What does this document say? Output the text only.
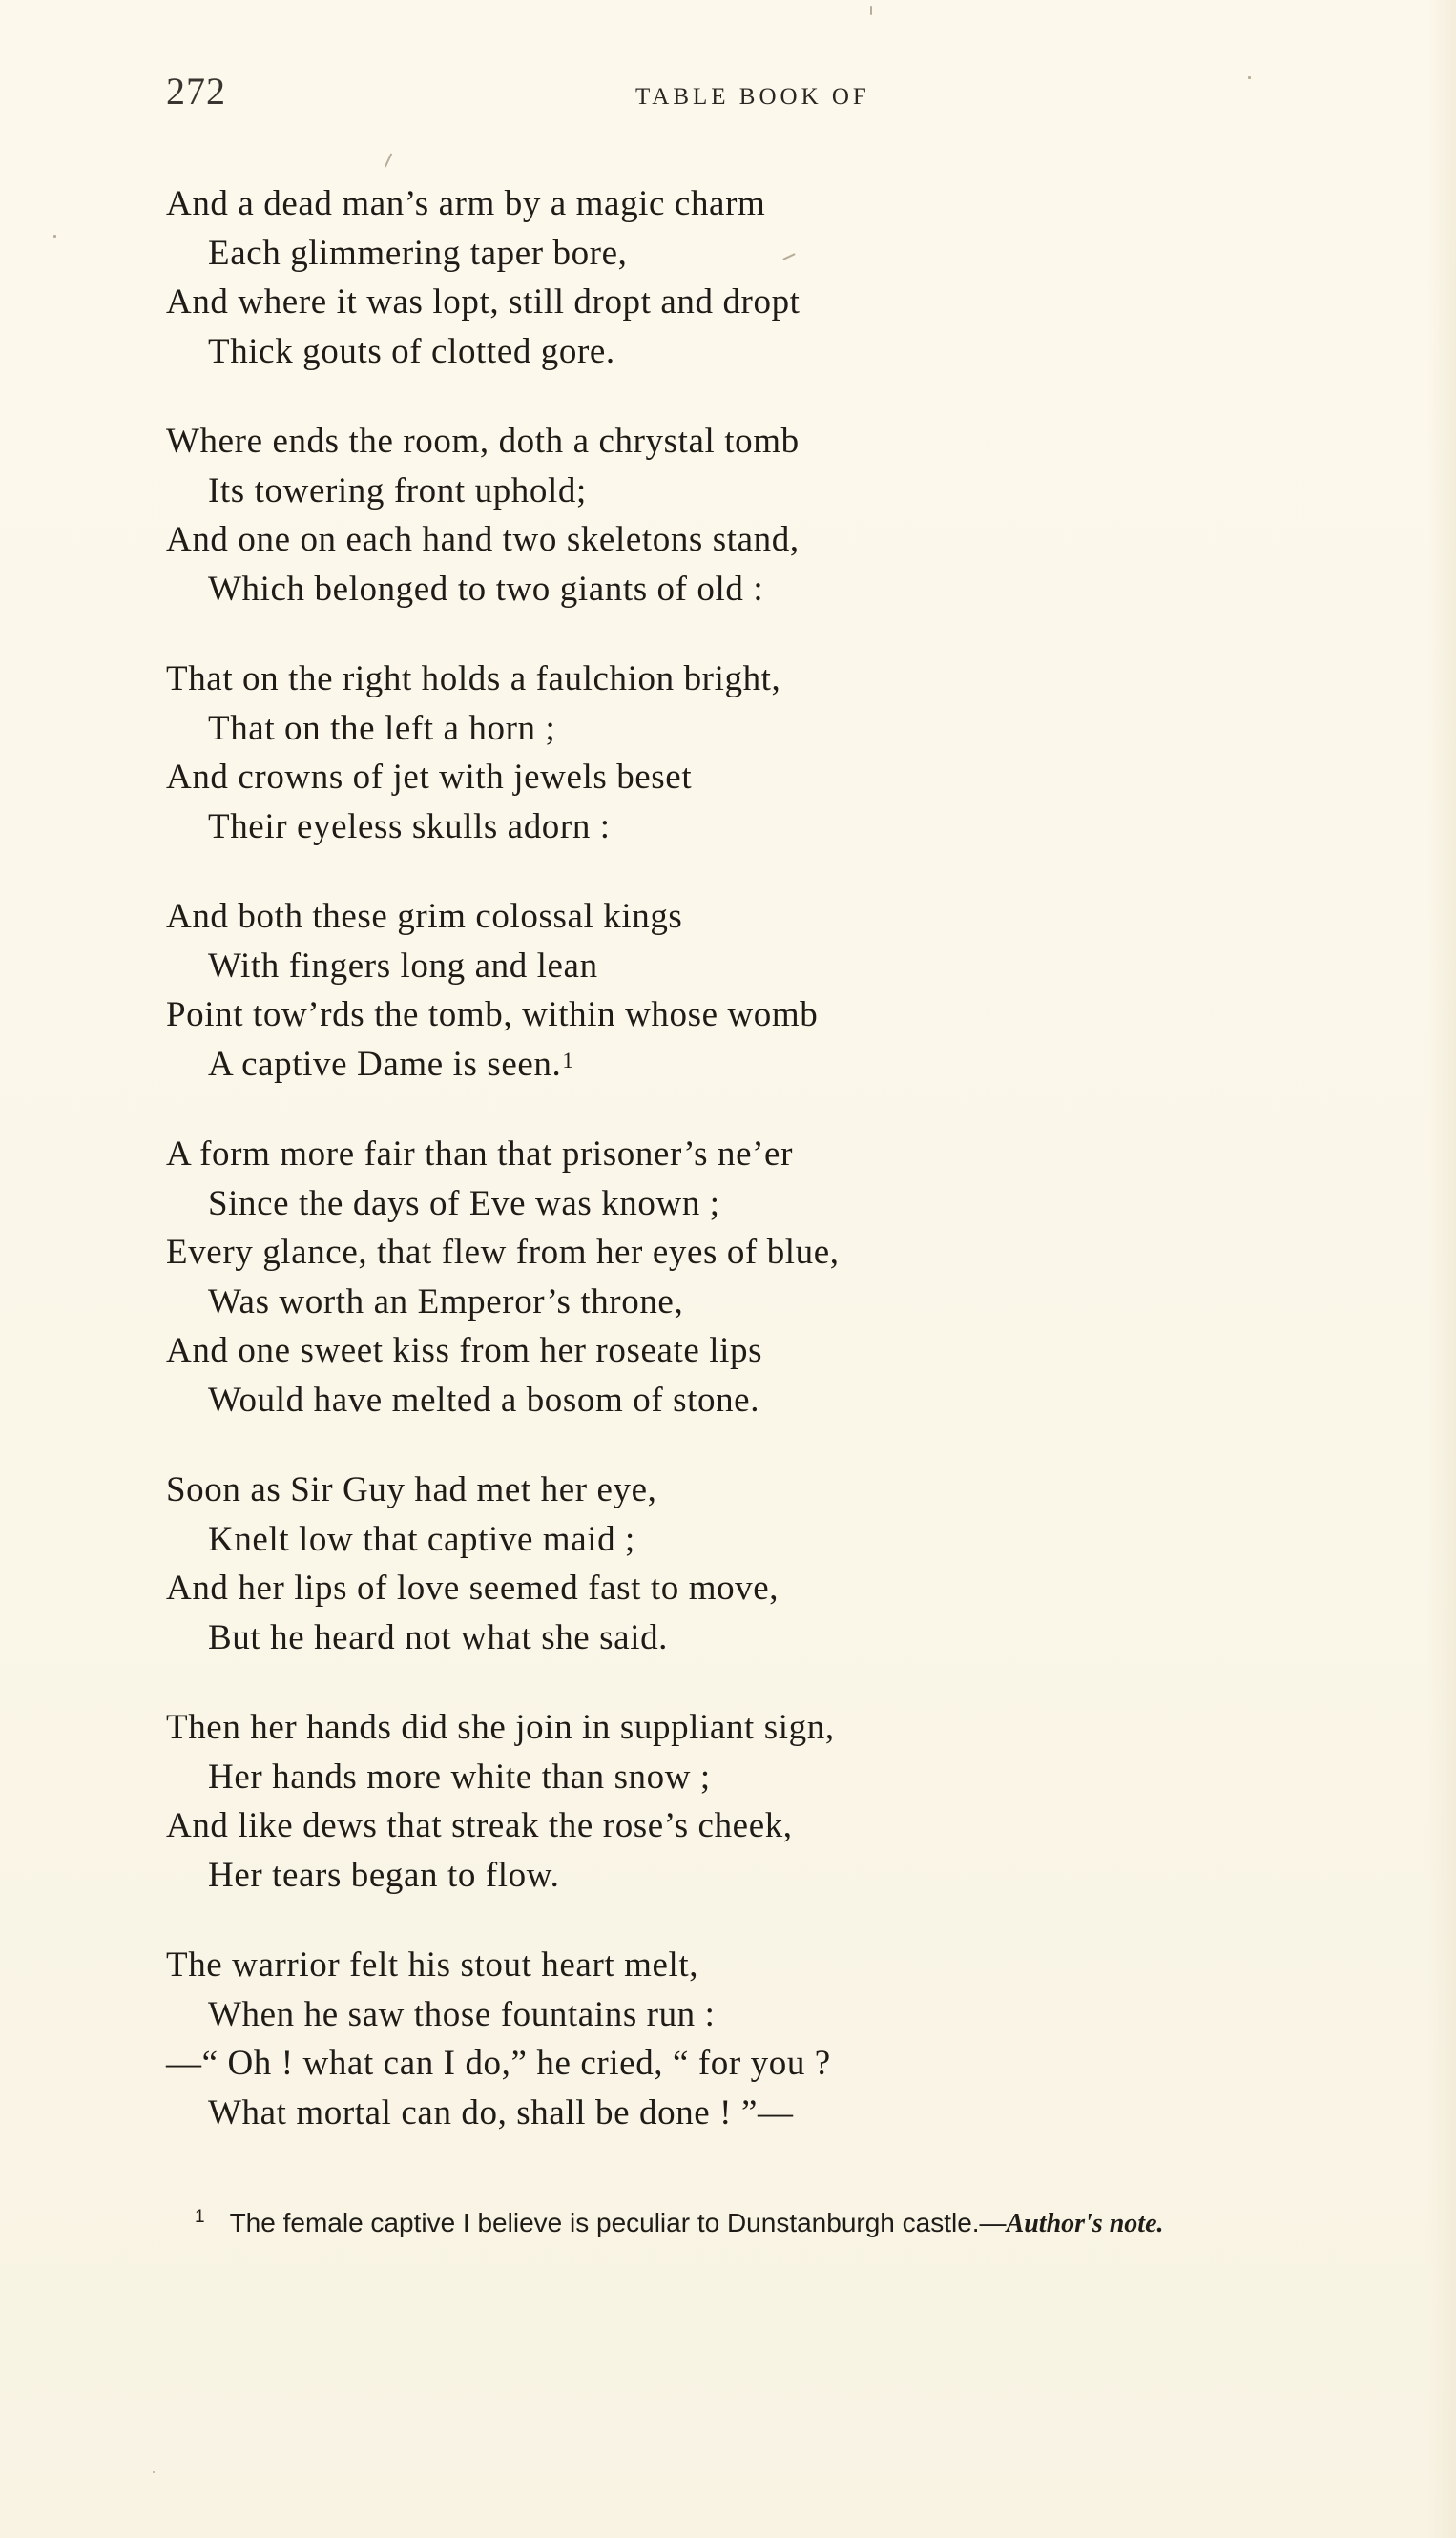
272	TABLE BOOK OF
And a dead man’s arm by a magic charm
Each glimmering taper bore,
And where it was lopt, still dropt and dropt
Thick gouts of clotted gore.
Where ends the room, doth a chrystal tomb
Its towering front uphold;
And one on each hand two skeletons stand,
Which belonged to two giants of old :
That on the right holds a faulchion bright,
That on the left a horn ;
And crowns of jet with jewels beset
Their eyeless skulls adorn :
And both these grim colossal kings
With fingers long and lean
Point tow’rds the tomb, within whose womb
A captive Dame is seen.$^1$
A form more fair than that prisoner’s ne’er
Since the days of Eve was known ;
Every glance, that flew from her eyes of blue,
Was worth an Emperor’s throne,
And one sweet kiss from her roseate lips
Would have melted a bosom of stone.
Soon as Sir Guy had met her eye,
Knelt low that captive maid ;
And her lips of love seemed fast to move,
But he heard not what she said.
Then her hands did she join in suppliant sign,
Her hands more white than snow ;
And like dews that streak the rose’s cheek,
Her tears began to flow.
The warrior felt his stout heart melt,
When he saw those fountains run :
—“ Oh ! what can I do,” he cried, “ for you ?
What mortal can do, shall be done ! ”—
$^1$ The female captive I believe is peculiar to Dunstanburgh castle.—Author's note.
